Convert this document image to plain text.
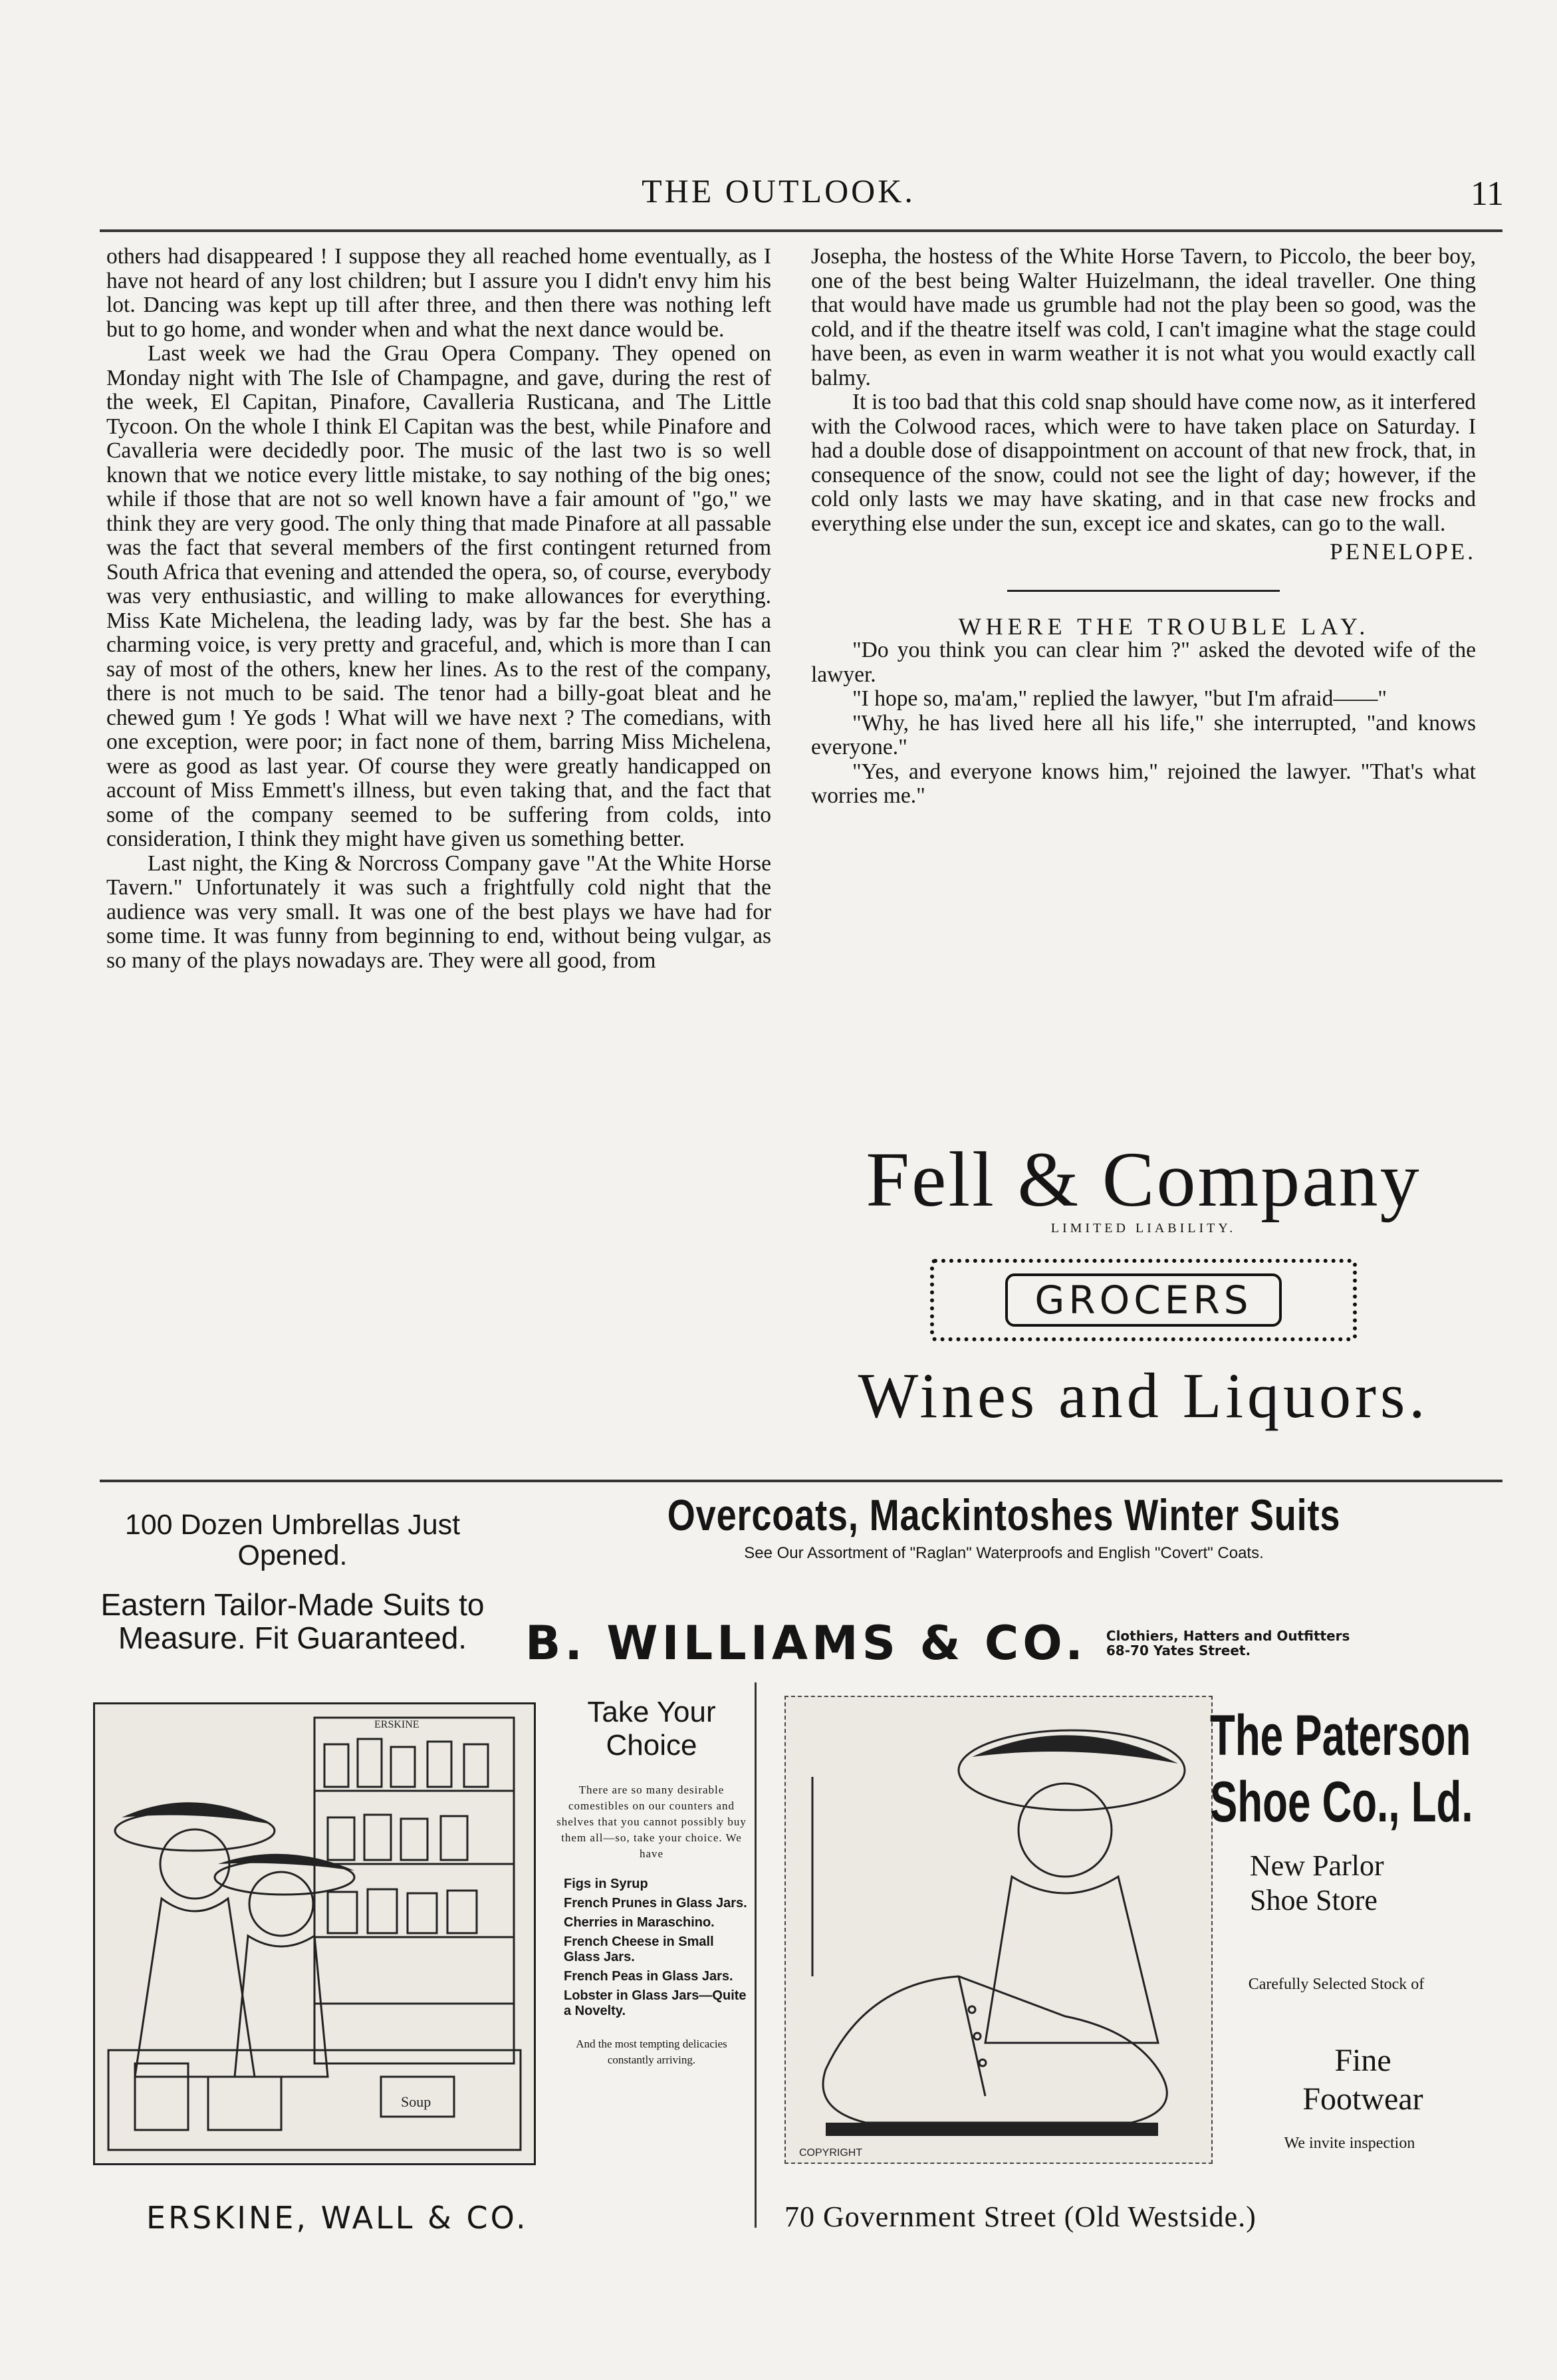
THE OUTLOOK.	11

others had disappeared ! I suppose they all reached home eventually, as I have not heard of any lost children; but I assure you I didn't envy him his lot. Dancing was kept up till after three, and then there was nothing left but to go home, and wonder when and what the next dance would be.

Last week we had the Grau Opera Company. They opened on Monday night with The Isle of Champagne, and gave, during the rest of the week, El Capitan, Pinafore, Cavalleria Rusticana, and The Little Tycoon. On the whole I think El Capitan was the best, while Pinafore and Cavalleria were decidedly poor. The music of the last two is so well known that we notice every little mistake, to say nothing of the big ones; while if those that are not so well known have a fair amount of "go," we think they are very good. The only thing that made Pinafore at all passable was the fact that several members of the first contingent returned from South Africa that evening and attended the opera, so, of course, everybody was very enthusiastic, and willing to make allowances for everything. Miss Kate Michelena, the leading lady, was by far the best. She has a charming voice, is very pretty and graceful, and, which is more than I can say of most of the others, knew her lines. As to the rest of the company, there is not much to be said. The tenor had a billy-goat bleat and he chewed gum ! Ye gods ! What will we have next ? The comedians, with one exception, were poor; in fact none of them, barring Miss Michelena, were as good as last year. Of course they were greatly handicapped on account of Miss Emmett's illness, but even taking that, and the fact that some of the company seemed to be suffering from colds, into consideration, I think they might have given us something better.

Last night, the King & Norcross Company gave "At the White Horse Tavern." Unfortunately it was such a frightfully cold night that the audience was very small. It was one of the best plays we have had for some time. It was funny from beginning to end, without being vulgar, as so many of the plays nowadays are. They were all good, from

Josepha, the hostess of the White Horse Tavern, to Piccolo, the beer boy, one of the best being Walter Huizelmann, the ideal traveller. One thing that would have made us grumble had not the play been so good, was the cold, and if the theatre itself was cold, I can't imagine what the stage could have been, as even in warm weather it is not what you would exactly call balmy.

It is too bad that this cold snap should have come now, as it interfered with the Colwood races, which were to have taken place on Saturday. I had a double dose of disappointment on account of that new frock, that, in consequence of the snow, could not see the light of day; however, if the cold only lasts we may have skating, and in that case new frocks and everything else under the sun, except ice and skates, can go to the wall.

PENELOPE.

WHERE THE TROUBLE LAY.

"Do you think you can clear him ?" asked the devoted wife of the lawyer.

"I hope so, ma'am," replied the lawyer, "but I'm afraid——"

"Why, he has lived here all his life," she interrupted, "and knows everyone."

"Yes, and everyone knows him," rejoined the lawyer. "That's what worries me."

Fell & Company
LIMITED LIABILITY.
GROCERS
Wines and Liquors.
100 Dozen Umbrellas Just Opened.
Eastern Tailor-Made Suits to Measure. Fit Guaranteed.
Overcoats, Mackintoshes Winter Suits
See Our Assortment of "Raglan" Waterproofs and English "Covert" Coats.
B. WILLIAMS & CO. Clothiers, Hatters and Outfitters
68-70 Yates Street.
ERSKINE
Soup
Take Your Choice
There are so many desirable comestibles on our counters and shelves that you cannot possibly buy them all—so, take your choice. We have
Figs in Syrup
French Prunes in Glass Jars.
Cherries in Maraschino.
French Cheese in Small Glass Jars.
French Peas in Glass Jars.
Lobster in Glass Jars—Quite a Novelty.
And the most tempting delicacies constantly arriving.
ERSKINE, WALL & CO.
COPYRIGHT
The Paterson
Shoe Co., Ld.
New Parlor Shoe Store
Carefully Selected Stock of
Fine Footwear
We invite inspection
70 Government Street (Old Westside.)
